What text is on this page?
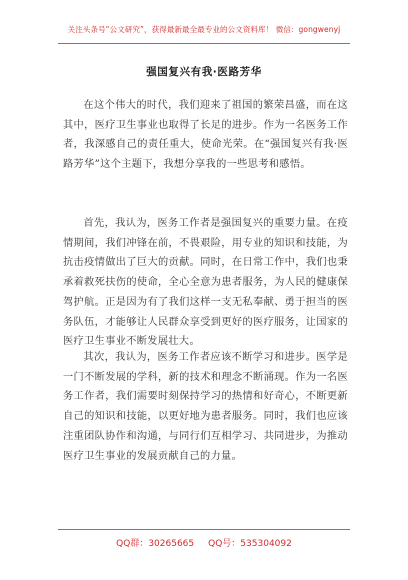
关注头条号“公文研究”，获得最新最全最专业的公文资料库！ 微信：gongwenyj
强国复兴有我·医路芳华

在这个伟大的时代，我们迎来了祖国的繁荣昌盛，而在这其中，医疗卫生事业也取得了长足的进步。作为一名医务工作者，我深感自己的责任重大，使命光荣。在“强国复兴有我·医路芳华”这个主题下，我想分享我的一些思考和感悟。

首先，我认为，医务工作者是强国复兴的重要力量。在疫情期间，我们冲锋在前，不畏艰险，用专业的知识和技能，为抗击疫情做出了巨大的贡献。同时，在日常工作中，我们也秉承着救死扶伤的使命，全心全意为患者服务，为人民的健康保驾护航。正是因为有了我们这样一支无私奉献、勇于担当的医务队伍，才能够让人民群众享受到更好的医疗服务，让国家的医疗卫生事业不断发展壮大。

其次，我认为，医务工作者应该不断学习和进步。医学是一门不断发展的学科，新的技术和理念不断涌现。作为一名医务工作者，我们需要时刻保持学习的热情和好奇心，不断更新自己的知识和技能，以更好地为患者服务。同时，我们也应该注重团队协作和沟通，与同行们互相学习、共同进步，为推动医疗卫生事业的发展贡献自己的力量。

QQ群：30265665 QQ号：535304092
